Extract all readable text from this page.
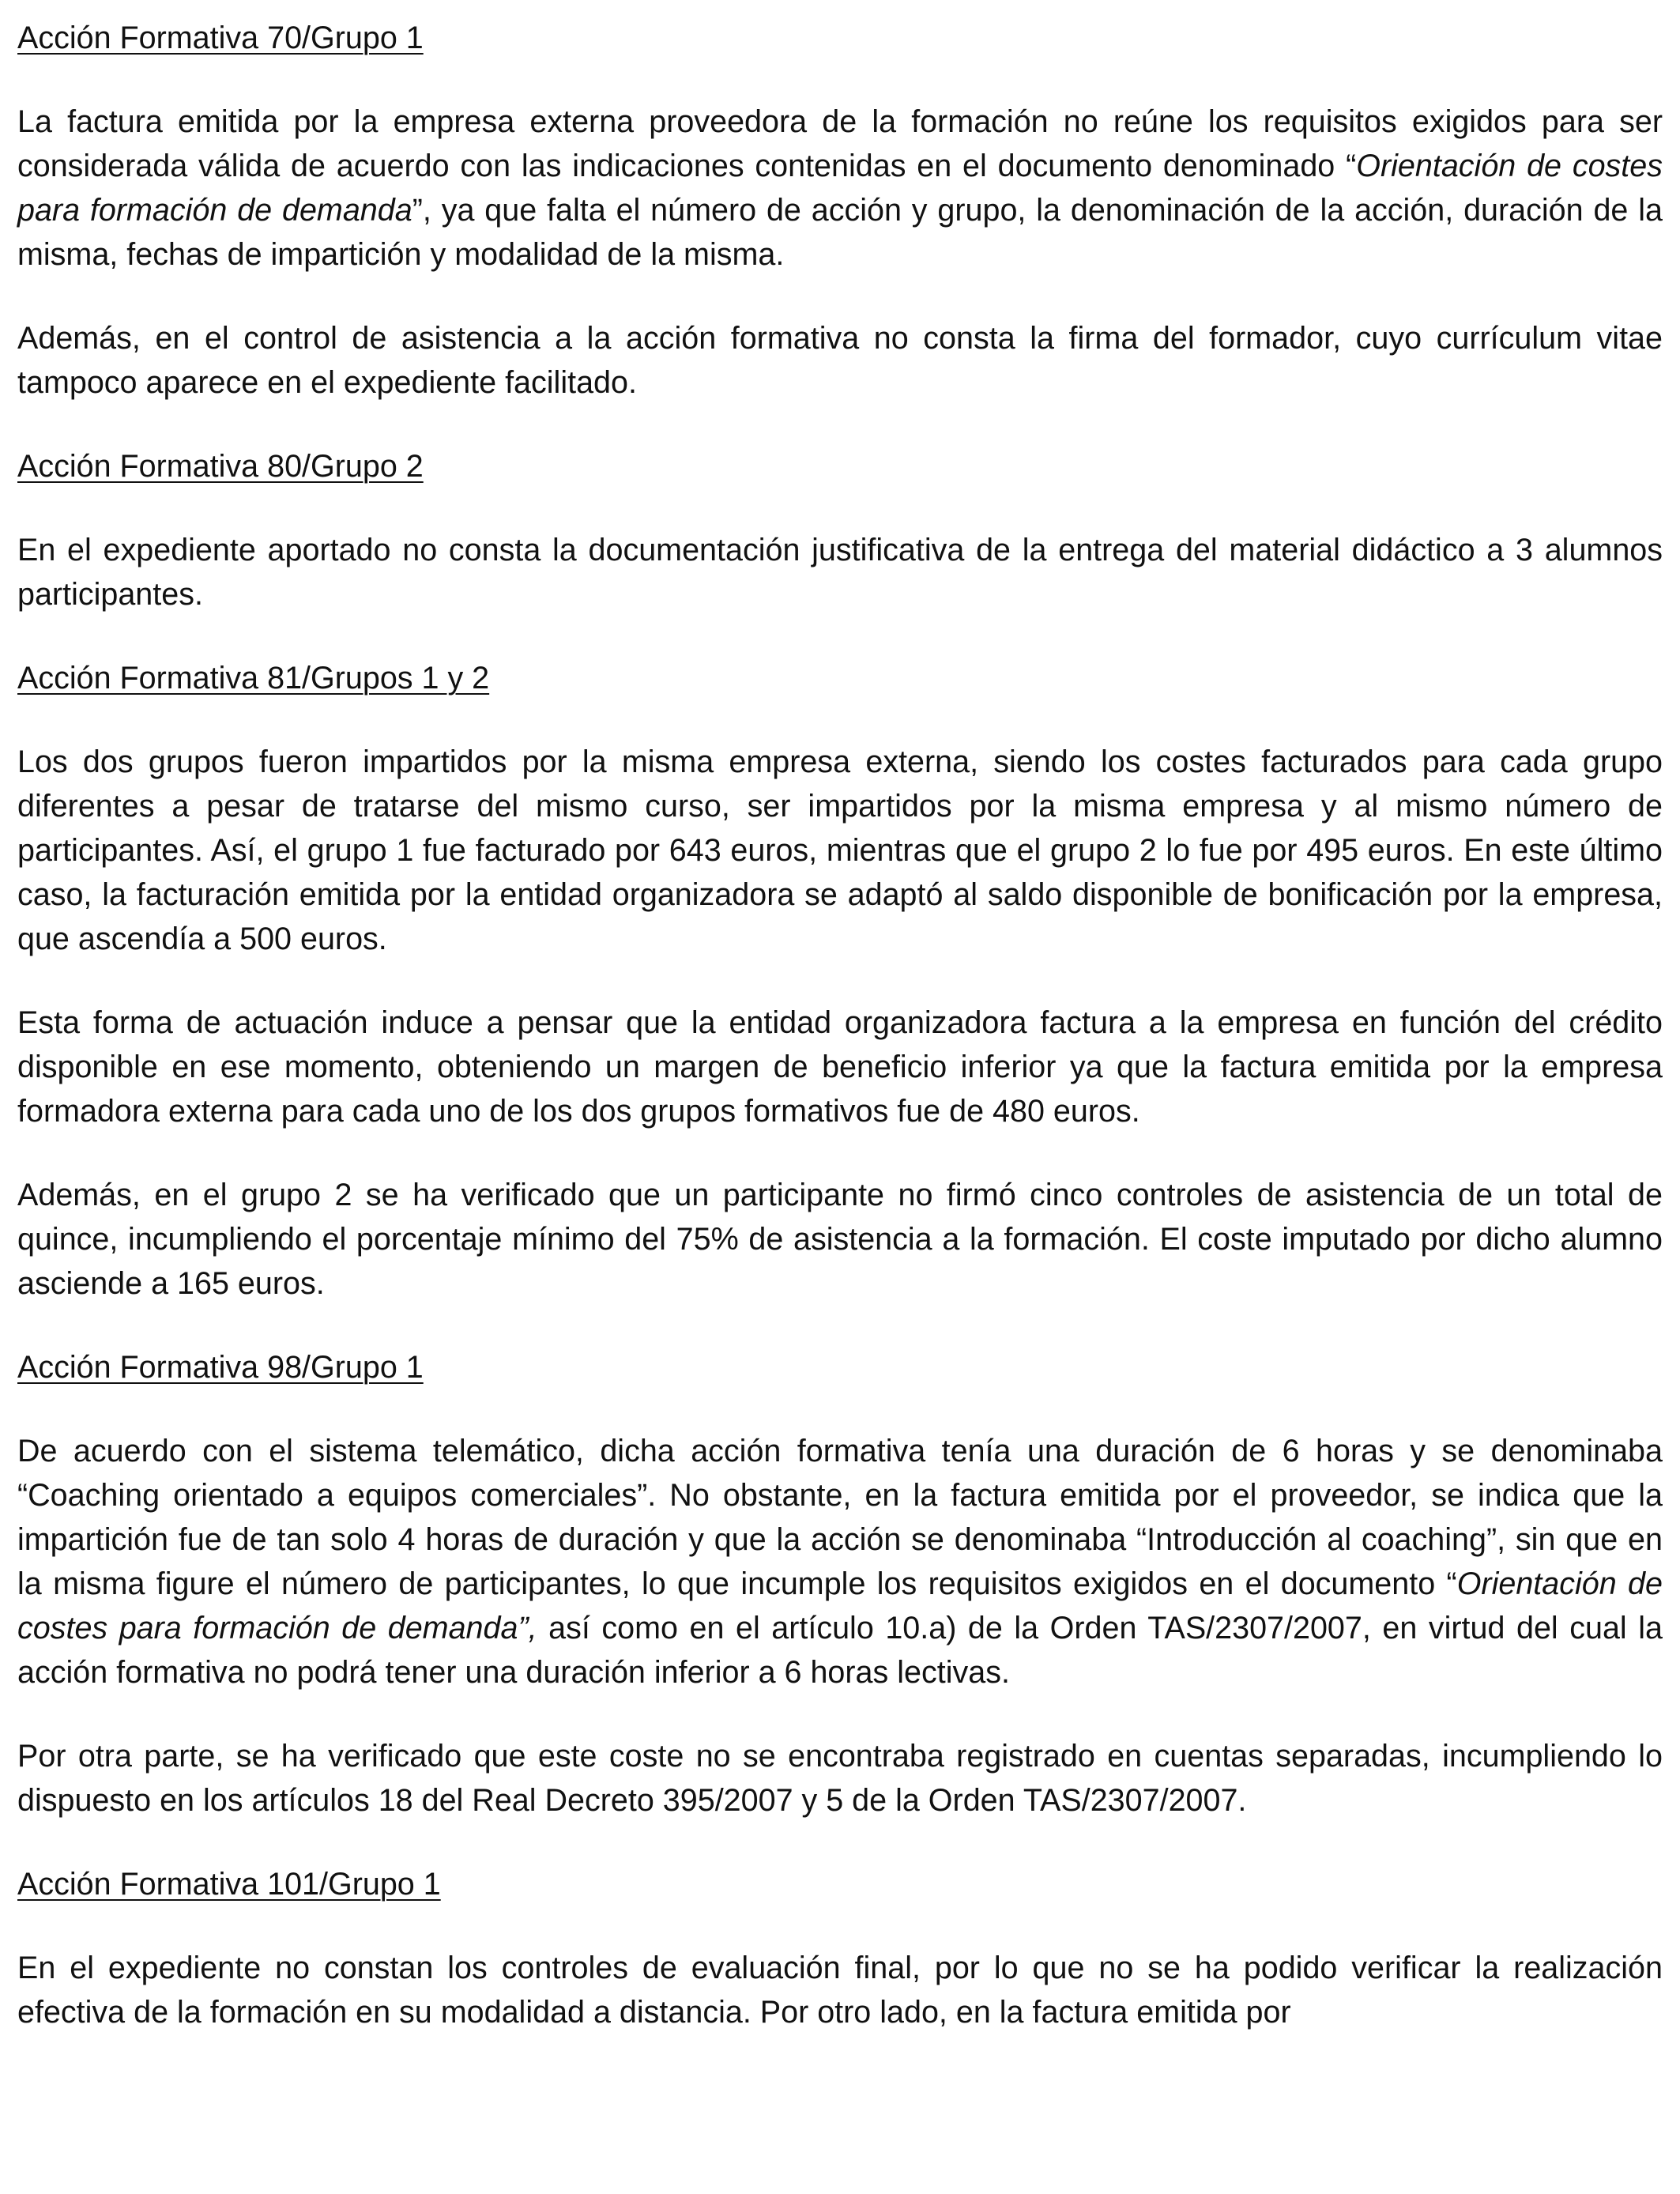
Acción Formativa 70/Grupo 1

La factura emitida por la empresa externa proveedora de la formación no reúne los requisitos exigidos para ser considerada válida de acuerdo con las indicaciones contenidas en el documento denominado “Orientación de costes para formación de demanda”, ya que falta el número de acción y grupo, la denominación de la acción, duración de la misma, fechas de impartición y modalidad de la misma.

Además, en el control de asistencia a la acción formativa no consta la firma del formador, cuyo currículum vitae tampoco aparece en el expediente facilitado.

Acción Formativa 80/Grupo 2

En el expediente aportado no consta la documentación justificativa de la entrega del material didáctico a 3 alumnos participantes.

Acción Formativa 81/Grupos 1 y 2

Los dos grupos fueron impartidos por la misma empresa externa, siendo los costes facturados para cada grupo diferentes a pesar de tratarse del mismo curso, ser impartidos por la misma empresa y al mismo número de participantes. Así, el grupo 1 fue facturado por 643 euros, mientras que el grupo 2 lo fue por 495 euros. En este último caso, la facturación emitida por la entidad organizadora se adaptó al saldo disponible de bonificación por la empresa, que ascendía a 500 euros.

Esta forma de actuación induce a pensar que la entidad organizadora factura a la empresa en función del crédito disponible en ese momento, obteniendo un margen de beneficio inferior ya que la factura emitida por la empresa formadora externa para cada uno de los dos grupos formativos fue de 480 euros.

Además, en el grupo 2 se ha verificado que un participante no firmó cinco controles de asistencia de un total de quince, incumpliendo el porcentaje mínimo del 75% de asistencia a la formación. El coste imputado por dicho alumno asciende a 165 euros.

Acción Formativa 98/Grupo 1

De acuerdo con el sistema telemático, dicha acción formativa tenía una duración de 6 horas y se denominaba “Coaching orientado a equipos comerciales”. No obstante, en la factura emitida por el proveedor, se indica que la impartición fue de tan solo 4 horas de duración y que la acción se denominaba “Introducción al coaching”, sin que en la misma figure el número de participantes, lo que incumple los requisitos exigidos en el documento “Orientación de costes para formación de demanda”, así como en el artículo 10.a) de la Orden TAS/2307/2007, en virtud del cual la acción formativa no podrá tener una duración inferior a 6 horas lectivas.

Por otra parte, se ha verificado que este coste no se encontraba registrado en cuentas separadas, incumpliendo lo dispuesto en los artículos 18 del Real Decreto 395/2007 y 5 de la Orden TAS/2307/2007.

Acción Formativa 101/Grupo 1

En el expediente no constan los controles de evaluación final, por lo que no se ha podido verificar la realización efectiva de la formación en su modalidad a distancia. Por otro lado, en la factura emitida por
